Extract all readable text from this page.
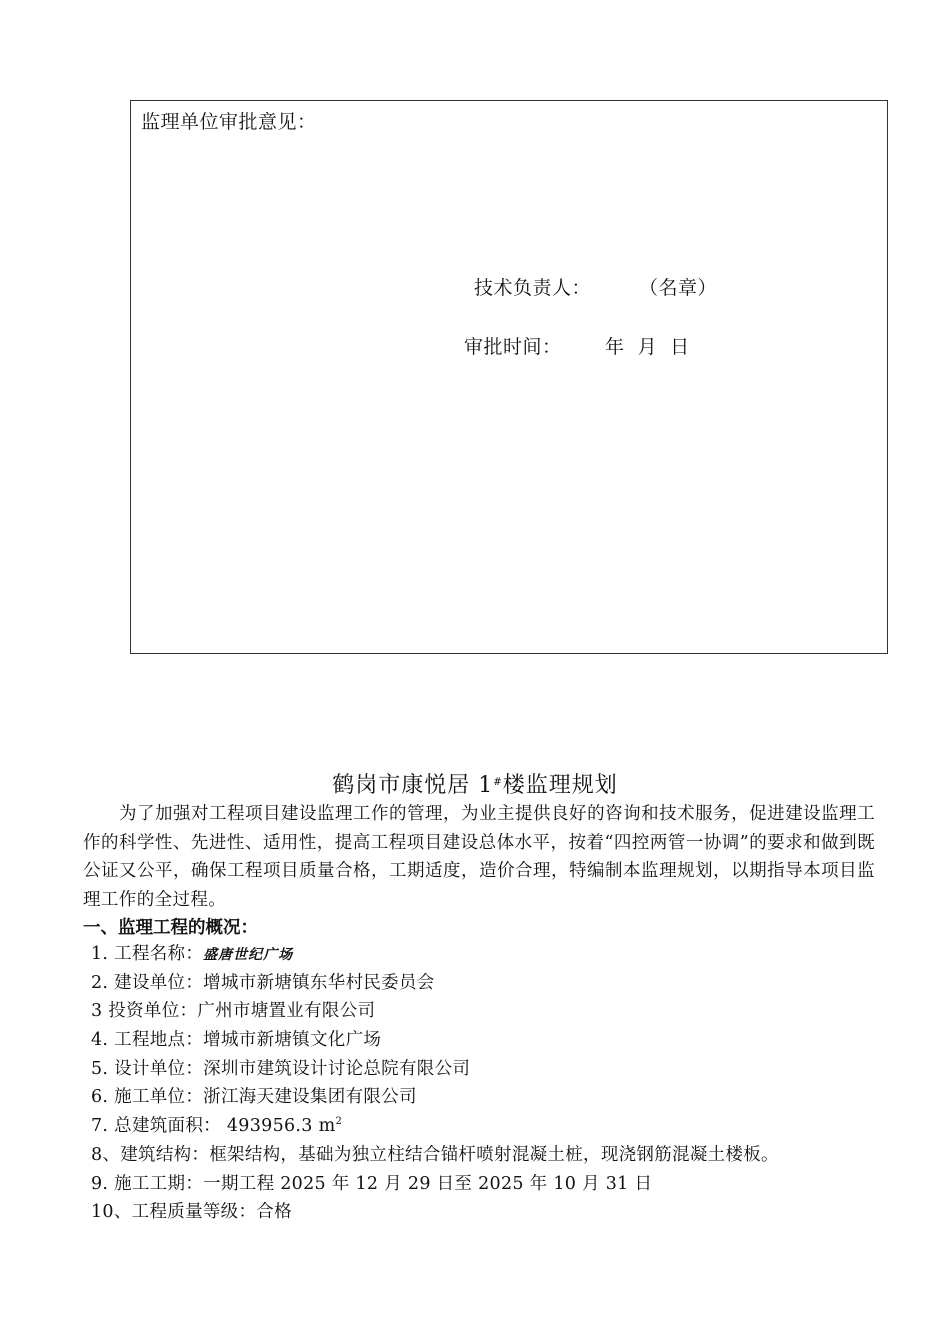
监理单位审批意见：
技术负责人：	（名章）
审批时间： 年  月  日
鹤岗市康悦居 1#楼监理规划
为了加强对工程项目建设监理工作的管理，为业主提供良好的咨询和技术服务，促进建设监理工作的科学性、先进性、适用性，提高工程项目建设总体水平，按着“四控两管一协调”的要求和做到既公证又公平，确保工程项目质量合格，工期适度，造价合理，特编制本监理规划，以期指导本项目监理工作的全过程。
一、监理工程的概况：
1. 工程名称：盛唐世纪广场
2. 建设单位：增城市新塘镇东华村民委员会
3 投资单位：广州市塘置业有限公司
4. 工程地点：增城市新塘镇文化广场
5. 设计单位：深圳市建筑设计讨论总院有限公司
6. 施工单位：浙江海天建设集团有限公司
7. 总建筑面积： 493956.3 $m^2$
8、建筑结构：框架结构，基础为独立柱结合锚杆喷射混凝土桩，现浇钢筋混凝土楼板。
9. 施工工期：一期工程 2025 年 12 月 29 日至 2025 年 10 月 31 日
10、工程质量等级：合格
